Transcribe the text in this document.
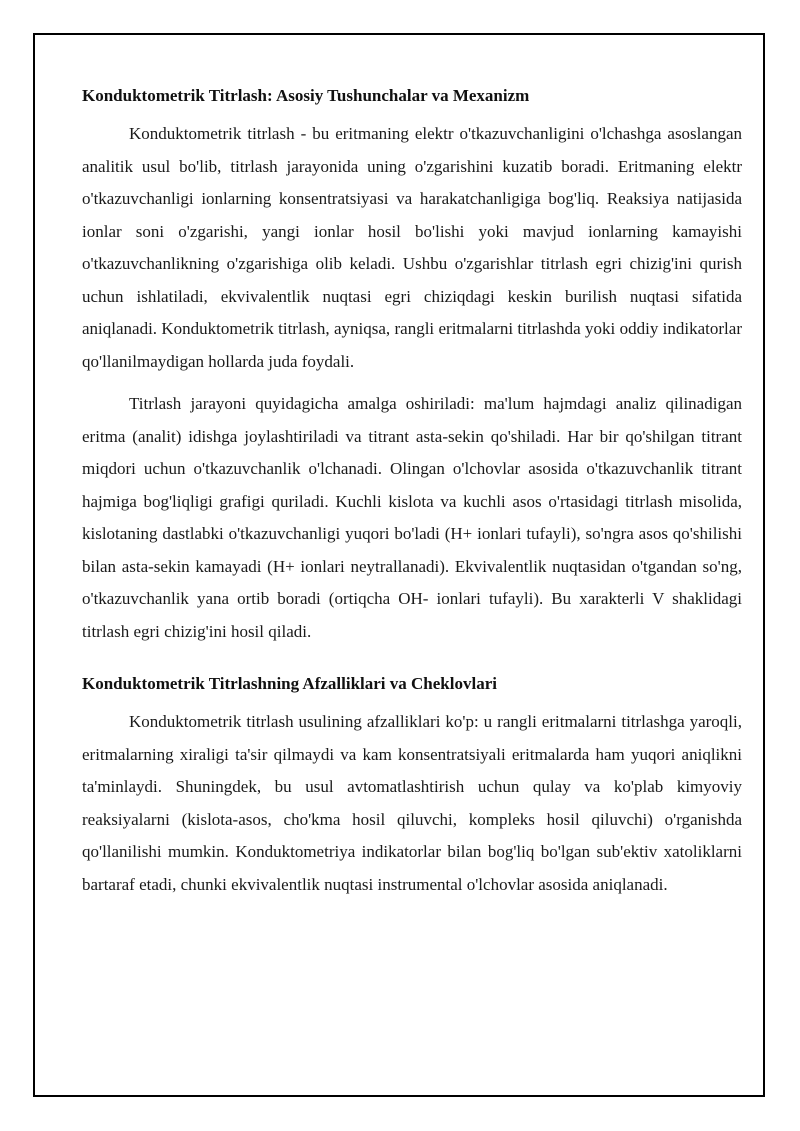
Konduktometrik Titrlash: Asosiy Tushunchalar va Mexanizm

Konduktometrik titrlash - bu eritmaning elektr o'tkazuvchanligini o'lchashga asoslangan analitik usul bo'lib, titrlash jarayonida uning o'zgarishini kuzatib boradi. Eritmaning elektr o'tkazuvchanligi ionlarning konsentratsiyasi va harakatchanligiga bog'liq. Reaksiya natijasida ionlar soni o'zgarishi, yangi ionlar hosil bo'lishi yoki mavjud ionlarning kamayishi o'tkazuvchanlikning o'zgarishiga olib keladi. Ushbu o'zgarishlar titrlash egri chizig'ini qurish uchun ishlatiladi, ekvivalentlik nuqtasi egri chiziqdagi keskin burilish nuqtasi sifatida aniqlanadi. Konduktometrik titrlash, ayniqsa, rangli eritmalarni titrlashda yoki oddiy indikatorlar qo'llanilmaydigan hollarda juda foydali.

Titrlash jarayoni quyidagicha amalga oshiriladi: ma'lum hajmdagi analiz qilinadigan eritma (analit) idishga joylashtiriladi va titrant asta-sekin qo'shiladi. Har bir qo'shilgan titrant miqdori uchun o'tkazuvchanlik o'lchanadi. Olingan o'lchovlar asosida o'tkazuvchanlik titrant hajmiga bog'liqligi grafigi quriladi. Kuchli kislota va kuchli asos o'rtasidagi titrlash misolida, kislotaning dastlabki o'tkazuvchanligi yuqori bo'ladi (H+ ionlari tufayli), so'ngra asos qo'shilishi bilan asta-sekin kamayadi (H+ ionlari neytrallanadi). Ekvivalentlik nuqtasidan o'tgandan so'ng, o'tkazuvchanlik yana ortib boradi (ortiqcha OH- ionlari tufayli). Bu xarakterli V shaklidagi titrlash egri chizig'ini hosil qiladi.

Konduktometrik Titrlashning Afzalliklari va Cheklovlari

Konduktometrik titrlash usulining afzalliklari ko'p: u rangli eritmalarni titrlashga yaroqli, eritmalarning xiraligi ta'sir qilmaydi va kam konsentratsiyali eritmalarda ham yuqori aniqlikni ta'minlaydi. Shuningdek, bu usul avtomatlashtirish uchun qulay va ko'plab kimyoviy reaksiyalarni (kislota-asos, cho'kma hosil qiluvchi, kompleks hosil qiluvchi) o'rganishda qo'llanilishi mumkin. Konduktometriya indikatorlar bilan bog'liq bo'lgan sub'ektiv xatoliklarni bartaraf etadi, chunki ekvivalentlik nuqtasi instrumental o'lchovlar asosida aniqlanadi.
